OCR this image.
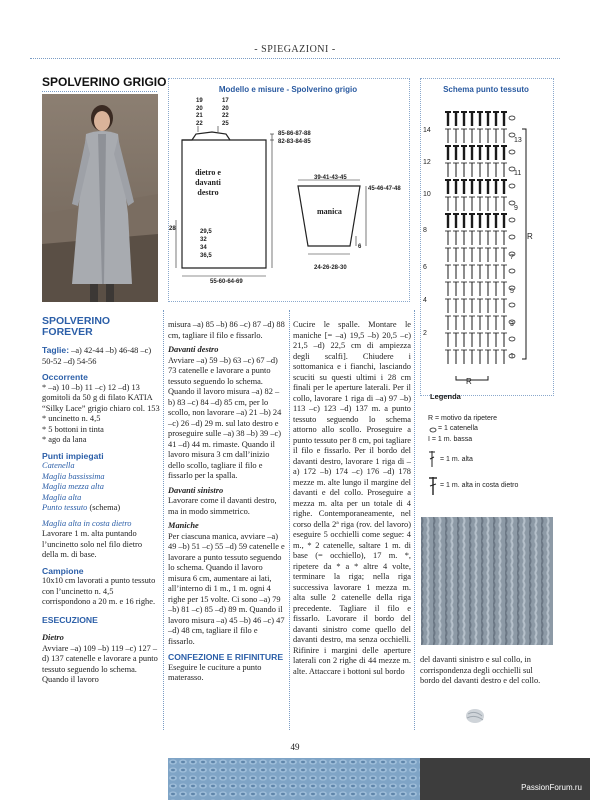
- SPIEGAZIONI -
SPOLVERINO GRIGIO

SPOLVERINO FOREVER

Taglie: –a) 42-44 –b) 46-48 –c) 50-52 –d) 54-56

Occorrente

* –a) 10 –b) 11 –c) 12 –d) 13 gomitoli da 50 g di filato KATIA “Silky Lace” grigio chiaro col. 153

* uncinetto n. 4,5

* 5 bottoni in tinta

* ago da lana

Punti impiegati

Catenella

Maglia bassissima

Maglia mezza alta

Maglia alta

Punto tessuto (schema)

Maglia alta in costa dietro

Lavorare 1 m. alta puntando l’uncinetto solo nel filo dietro della m. di base.

Campione

10x10 cm lavorati a punto tessuto con l’uncinetto n. 4,5 corrispondono a 20 m. e 16 righe.

ESECUZIONE

Dietro

Avviare –a) 109 –b) 119 –c) 127 –d) 137 catenelle e lavorare a punto tessuto seguendo lo schema. Quando il lavoro

misura –a) 85 –b) 86 –c) 87 –d) 88 cm, tagliare il filo e fissarlo.

Davanti destro

Avviare –a) 59 –b) 63 –c) 67 –d) 73 catenelle e lavorare a punto tessuto seguendo lo schema. Quando il lavoro misura –a) 82 –b) 83 –c) 84 –d) 85 cm, per lo scollo, non lavorare –a) 21 –b) 24 –c) 26 –d) 29 m. sul lato destro e proseguire sulle –a) 38 –b) 39 –c) 41 –d) 44 m. rimaste. Quando il lavoro misura 3 cm dall’inizio dello scollo, tagliare il filo e fissarlo per la spalla.

Davanti sinistro

Lavorare come il davanti destro, ma in modo simmetrico.

Maniche

Per ciascuna manica, avviare –a) 49 –b) 51 –c) 55 –d) 59 catenelle e lavorare a punto tessuto seguendo lo schema. Quando il lavoro misura 6 cm, aumentare ai lati, all’interno di 1 m., 1 m. ogni 4 righe per 15 volte. Ci sono –a) 79 –b) 81 –c) 85 –d) 89 m. Quando il lavoro misura –a) 45 –b) 46 –c) 47 –d) 48 cm, tagliare il filo e fissarlo.

CONFEZIONE E RIFINITURE

Eseguire le cuciture a punto materasso.

Cucire le spalle. Montare le maniche [= –a) 19,5 –b) 20,5 –c) 21,5 –d) 22,5 cm di ampiezza degli scalfi]. Chiudere i sottomanica e i fianchi, lasciando scuciti su questi ultimi i 28 cm finali per le aperture laterali. Per il collo, lavorare 1 riga di –a) 97 –b) 113 –c) 123 –d) 137 m. a punto tessuto seguendo lo schema attorno allo scollo. Proseguire a punto tessuto per 8 cm, poi tagliare il filo e fissarlo. Per il bordo del davanti destro, lavorare 1 riga di –a) 172 –b) 174 –c) 176 –d) 178 mezze m. alte lungo il margine del davanti e del collo. Proseguire a mezza m. alta per un totale di 4 righe. Contemporaneamente, nel corso della 2ª riga (rov. del lavoro) eseguire 5 occhielli come segue: 4 m., * 2 catenelle, saltare 1 m. di base (= occhiello), 17 m. *, ripetere da * a * altre 4 volte, terminare la riga; nella riga successiva lavorare 1 mezza m. alta sulle 2 catenelle della riga precedente. Tagliare il filo e fissarlo. Lavorare il bordo del davanti sinistro come quello del davanti destro, ma senza occhielli. Rifinire i margini delle aperture laterali con 2 righe di 44 mezze m. alte. Attaccare i bottoni sul bordo

Modello e misure - Spolverino grigio
19
20
21
22
17
20
22
25
85-86-87-88
82-83-84-85
dietro e davanti destro
28	29,5
32
34
36,5
55-60-64-69
39-41-43-45
manica
45-46-47-48
6
24-26-28-30
Schema punto tessuto
14
12
10
8
6
4
2
13
11
9
7
5
3
1
R
R
Legenda
R = motivo da ripetere
= 1 catenella
I = 1 m. bassa
= 1 m. alta
= 1 m. alta in costa dietro

del davanti sinistro e sul collo, in corrispondenza degli occhielli sul bordo del davanti destro e del collo.

49
PassionForum.ru
